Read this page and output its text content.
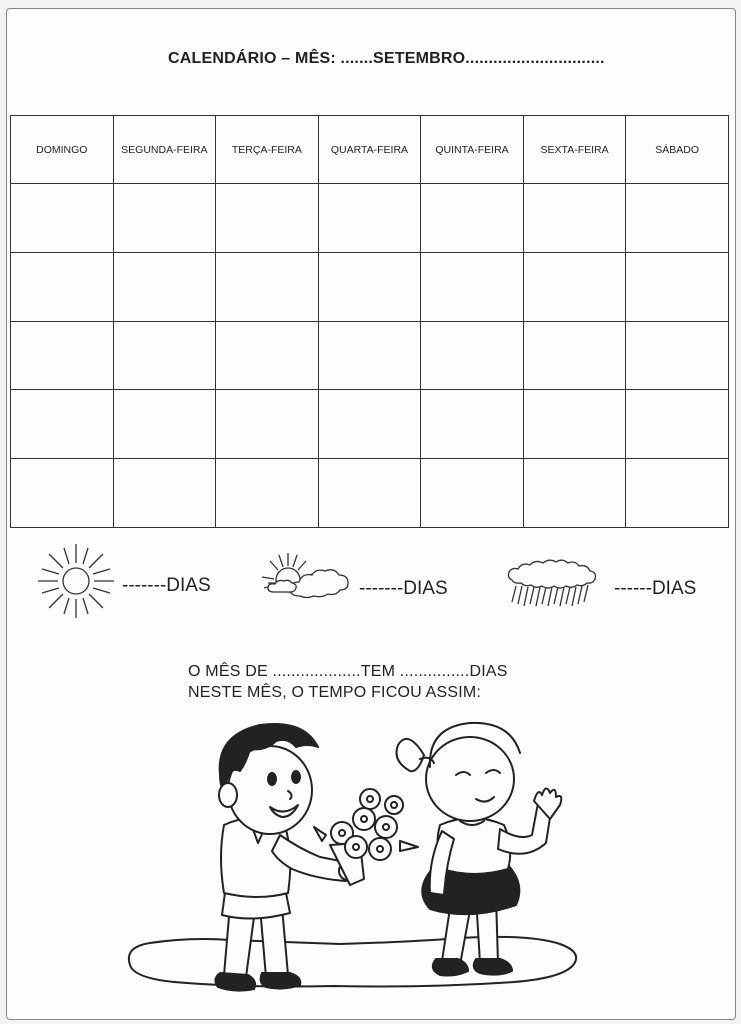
CALENDÁRIO – MÊS: .......SETEMBRO..............................
DOMINGO	SEGUNDA-FEIRA	TERÇA-FEIRA	QUARTA-FEIRA	QUINTA-FEIRA	SEXTA-FEIRA	SÁBADO

-------DIAS	-------DIAS	------DIAS
O MÊS DE ...................TEM ...............DIAS
NESTE MÊS, O TEMPO FICOU ASSIM:
